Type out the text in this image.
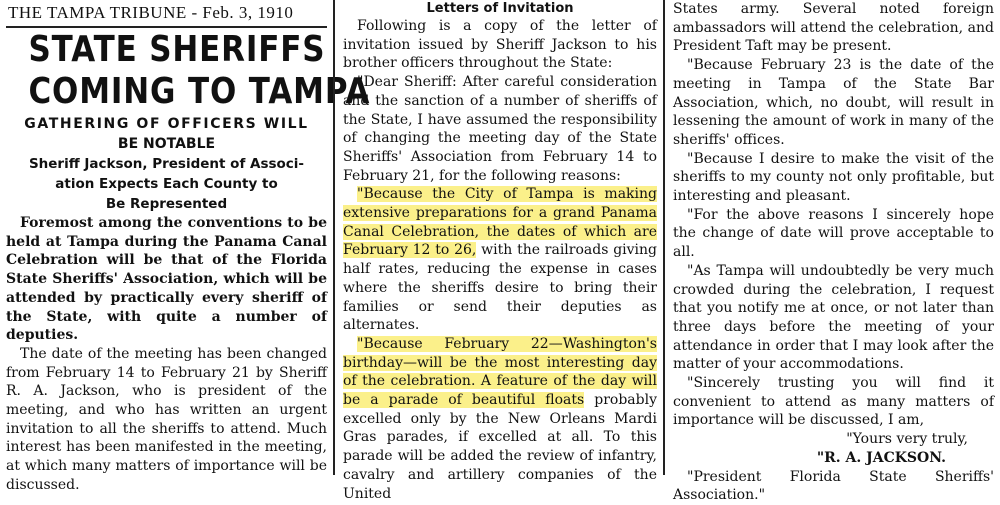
THE TAMPA TRIBUNE - Feb. 3, 1910
STATE SHERIFFS
COMING TO TAMPA

GATHERING OF OFFICERS WILL

BE NOTABLE

Sheriff Jackson, President of Associ-

ation Expects Each County to

Be Represented

Foremost among the conventions to be held at Tampa during the Panama Canal Celebration will be that of the Florida State Sheriffs' Association, which will be attended by practically every sheriff of the State, with quite a number of deputies.

The date of the meeting has been changed from February 14 to February 21 by Sheriff R. A. Jackson, who is president of the meeting, and who has written an urgent invitation to all the sheriffs to attend. Much interest has been manifested in the meeting, at which many matters of importance will be discussed.

Letters of Invitation

Following is a copy of the letter of invitation issued by Sheriff Jackson to his brother officers throughout the State:

"Dear Sheriff: After careful consideration and the sanction of a number of sheriffs of the State, I have assumed the responsibility of changing the meeting day of the State Sheriffs' Association from February 14 to February 21, for the following reasons:

"Because the City of Tampa is making extensive preparations for a grand Panama Canal Celebration, the dates of which are February 12 to 26, with the railroads giving half rates, reducing the expense in cases where the sheriffs desire to bring their families or send their deputies as alternates.

"Because February 22—Washington's birthday—will be the most interesting day of the celebration. A feature of the day will be a parade of beautiful floats probably excelled only by the New Orleans Mardi Gras parades, if excelled at all. To this parade will be added the review of infantry, cavalry and artillery companies of the United

States army. Several noted foreign ambassadors will attend the celebration, and President Taft may be present.

"Because February 23 is the date of the meeting in Tampa of the State Bar Association, which, no doubt, will result in lessening the amount of work in many of the sheriffs' offices.

"Because I desire to make the visit of the sheriffs to my county not only profitable, but interesting and pleasant.

"For the above reasons I sincerely hope the change of date will prove acceptable to all.

"As Tampa will undoubtedly be very much crowded during the celebration, I request that you notify me at once, or not later than three days before the meeting of your attendance in order that I may look after the matter of your accommodations.

"Sincerely trusting you will find it convenient to attend as many matters of importance will be discussed, I am,

"Yours very truly,

"R. A. JACKSON.

"President Florida State Sheriffs' Association."
